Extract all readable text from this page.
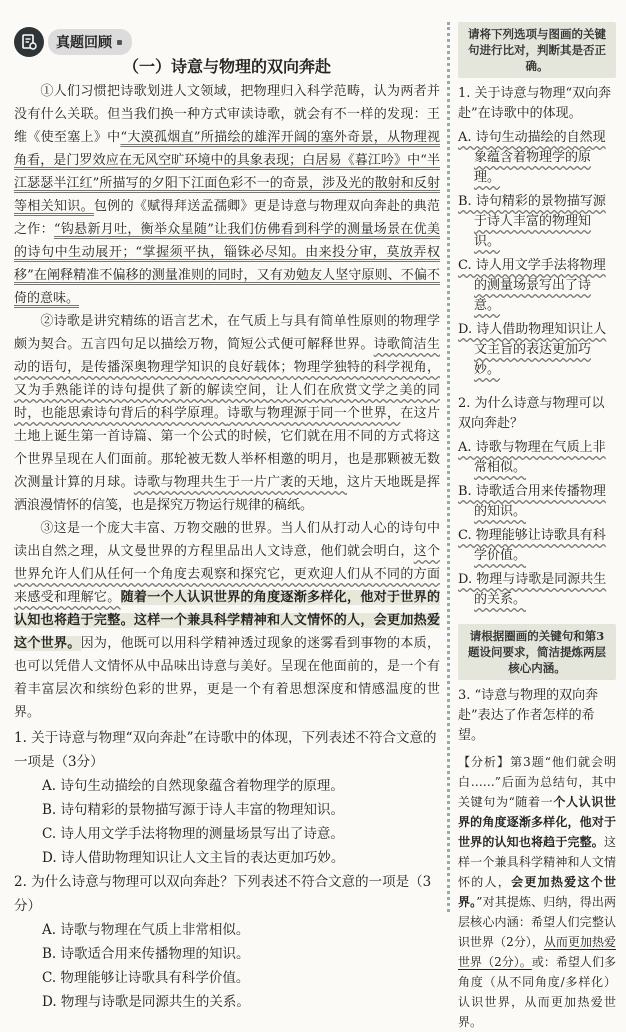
真题回顾
（一）诗意与物理的双向奔赴

①人们习惯把诗歌划进人文领域，把物理归入科学范畴，认为两者并没有什么关联。但当我们换一种方式审读诗歌，就会有不一样的发现：王维《使至塞上》中“大漠孤烟直”所描绘的雄浑开阔的塞外奇景，从物理视角看，是门罗效应在无风空旷环境中的具象表现；白居易《暮江吟》中“半江瑟瑟半江红”所描写的夕阳下江面色彩不一的奇景，涉及光的散射和反射等相关知识。包例的《赋得拜送孟孺卿》更是诗意与物理双向奔赴的典范之作：“钩悬新月吐，衡举众星随”让我们仿佛看到科学的测量场景在优美的诗句中生动展开；“掌握须平执，锱铢必尽知。由来投分审，莫放弄权移”在阐释精准不偏移的测量准则的同时，又有劝勉友人坚守原则、不偏不倚的意味。

②诗歌是讲究精练的语言艺术，在气质上与具有简单性原则的物理学颇为契合。五言四句足以描绘万物，简短公式便可解释世界。诗歌简洁生动的语句，是传播深奥物理学知识的良好载体；物理学独特的科学视角，又为手熟能详的诗句提供了新的解读空间，让人们在欣赏文学之美的同时，也能思索诗句背后的科学原理。诗歌与物理源于同一个世界，在这片土地上诞生第一首诗篇、第一个公式的时候，它们就在用不同的方式将这个世界呈现在人们面前。那轮被无数人举杯相邀的明月，也是那颗被无数次测量计算的月球。诗歌与物理共生于一片广袤的天地，这片天地既是挥洒浪漫情怀的信笺，也是探究万物运行规律的稿纸。

③这是一个庞大丰富、万物交融的世界。当人们从打动人心的诗句中读出自然之理，从文曼世界的方程里品出人文诗意，他们就会明白，这个世界允许人们从任何一个角度去观察和探究它，更欢迎人们从不同的方面来感受和理解它。随着一个人认识世界的角度逐渐多样化，他对于世界的认知也将趋于完整。这样一个兼具科学精神和人文情怀的人，会更加热爱这个世界。因为，他既可以用科学精神透过现象的迷雾看到事物的本质，也可以凭借人文情怀从中品味出诗意与美好。呈现在他面前的，是一个有着丰富层次和缤纷色彩的世界，更是一个有着思想深度和情感温度的世界。

1. 关于诗意与物理“双向奔赴”在诗歌中的体现，下列表述不符合文意的一项是（3分）

A. 诗句生动描绘的自然现象蕴含着物理学的原理。

B. 诗句精彩的景物描写源于诗人丰富的物理知识。

C. 诗人用文学手法将物理的测量场景写出了诗意。

D. 诗人借助物理知识让人文主旨的表达更加巧妙。

2. 为什么诗意与物理可以双向奔赴？下列表述不符合文意的一项是（3分）

A. 诗歌与物理在气质上非常相似。

B. 诗歌适合用来传播物理的知识。

C. 物理能够让诗歌具有科学价值。

D. 物理与诗歌是同源共生的关系。

请将下列选项与图画的关键句进行比对，判断其是否正确。

1. 关于诗意与物理“双向奔赴”在诗歌中的体现。

A. 诗句生动描绘的自然现象蕴含着物理学的原理。

B. 诗句精彩的景物描写源于诗人丰富的物理知识。

C. 诗人用文学手法将物理的测量场景写出了诗意。

D. 诗人借助物理知识让人文主旨的表达更加巧妙。

2. 为什么诗意与物理可以双向奔赴？

A. 诗歌与物理在气质上非常相似。

B. 诗歌适合用来传播物理的知识。

C. 物理能够让诗歌具有科学价值。

D. 物理与诗歌是同源共生的关系。

请根据圈画的关键句和第3题设问要求，简洁提炼两层核心内涵。

3. “诗意与物理的双向奔赴”表达了作者怎样的希望。

【分析】第3题“他们就会明白……”后面为总结句，其中关键句为“随着一个人认识世界的角度逐渐多样化，他对于世界的认知也将趋于完整。这样一个兼具科学精神和人文情怀的人，会更加热爱这个世界。”对其提炼、归纳，得出两层核心内涵：希望人们完整认识世界（2分），从而更加热爱世界（2分）。或：希望人们多角度（从不同角度/多样化）认识世界，从而更加热爱世界。
